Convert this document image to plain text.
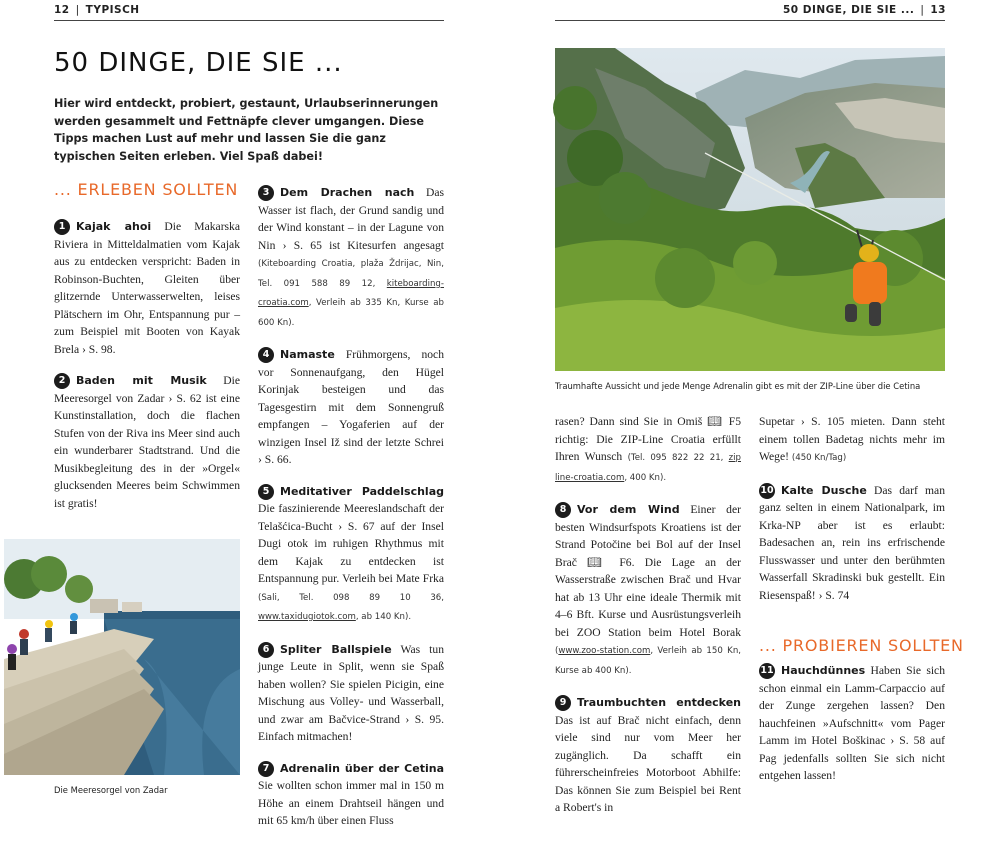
12 | TYPISCH	50 DINGE, DIE SIE ... | 13
50 DINGE, DIE SIE ...

Hier wird entdeckt, probiert, gestaunt, Urlaubserinnerungen werden gesammelt und Fettnäpfe clever umgangen. Diese Tipps machen Lust auf mehr und lassen Sie die ganz typischen Seiten erleben. Viel Spaß dabei!

... ERLEBEN SOLLTEN
... PROBIEREN SOLLTEN

1 Kajak ahoi Die Makarska Riviera in Mitteldalmatien vom Kajak aus zu entdecken verspricht: Baden in Robinson-Buchten, Gleiten über glitzernde Unterwasserwelten, leises Plätschern im Ohr, Entspannung pur – zum Beispiel mit Booten von Kayak Brela › S. 98.

2 Baden mit Musik Die Meeresorgel von Zadar › S. 62 ist eine Kunstinstallation, doch die flachen Stufen von der Riva ins Meer sind auch ein wunderbarer Stadtstrand. Und die Musikbegleitung des in der »Orgel« glucksenden Meeres beim Schwimmen ist gratis!

3 Dem Drachen nach Das Wasser ist flach, der Grund sandig und der Wind konstant – in der Lagune von Nin › S. 65 ist Kitesurfen angesagt (Kiteboarding Croatia, plaža Ždrijac, Nin, Tel. 091 588 89 12, kiteboarding-croatia.com, Verleih ab 335 Kn, Kurse ab 600 Kn).

4 Namaste Frühmorgens, noch vor Sonnenaufgang, den Hügel Korinjak besteigen und das Tagesgestirn mit dem Sonnengruß empfangen – Yogaferien auf der winzigen Insel Iž sind der letzte Schrei › S. 66.

5 Meditativer Paddelschlag Die faszinierende Meereslandschaft der Telašćica-Bucht › S. 67 auf der Insel Dugi otok im ruhigen Rhythmus mit dem Kajak zu entdecken ist Entspannung pur. Verleih bei Mate Frka (Sali, Tel. 098 89 10 36, www.taxidugiotok.com, ab 140 Kn).

6 Spliter Ballspiele Was tun junge Leute in Split, wenn sie Spaß haben wollen? Sie spielen Picigin, eine Mischung aus Volley- und Wasserball, und zwar am Bačvice-Strand › S. 95. Einfach mitmachen!

7 Adrenalin über der Cetina Sie wollten schon immer mal in 150 m Höhe an einem Drahtseil hängen und mit 65 km/h über einen Fluss

rasen? Dann sind Sie in Omiš 📖︎ F5 richtig: Die ZIP-Line Croatia erfüllt Ihren Wunsch (Tel. 095 822 22 21, zip line-croatia.com, 400 Kn).

8 Vor dem Wind Einer der besten Windsurfspots Kroatiens ist der Strand Potočine bei Bol auf der Insel Brač 📖︎ F6. Die Lage an der Wasserstraße zwischen Brač und Hvar hat ab 13 Uhr eine ideale Thermik mit 4–6 Bft. Kurse und Ausrüstungsverleih bei ZOO Station beim Hotel Borak (www.zoo-station.com, Verleih ab 150 Kn, Kurse ab 400 Kn).

9 Traumbuchten entdecken Das ist auf Brač nicht einfach, denn viele sind nur vom Meer her zugänglich. Da schafft ein führerscheinfreies Motorboot Abhilfe: Das können Sie zum Beispiel bei Rent a Robert's in

Supetar › S. 105 mieten. Dann steht einem tollen Badetag nichts mehr im Wege! (450 Kn/Tag)

10 Kalte Dusche Das darf man ganz selten in einem Nationalpark, im Krka-NP aber ist es erlaubt: Badesachen an, rein ins erfrischende Flusswasser und unter den berühmten Wasserfall Skradinski buk gestellt. Ein Riesenspaß! › S. 74

11 Hauchdünnes Haben Sie sich schon einmal ein Lamm-Carpaccio auf der Zunge zergehen lassen? Den hauchfeinen »Aufschnitt« vom Pager Lamm im Hotel Boškinac › S. 58 auf Pag jedenfalls sollten Sie sich nicht entgehen lassen!

Traumhafte Aussicht und jede Menge Adrenalin gibt es mit der ZIP-Line über die Cetina
Die Meeresorgel von Zadar
